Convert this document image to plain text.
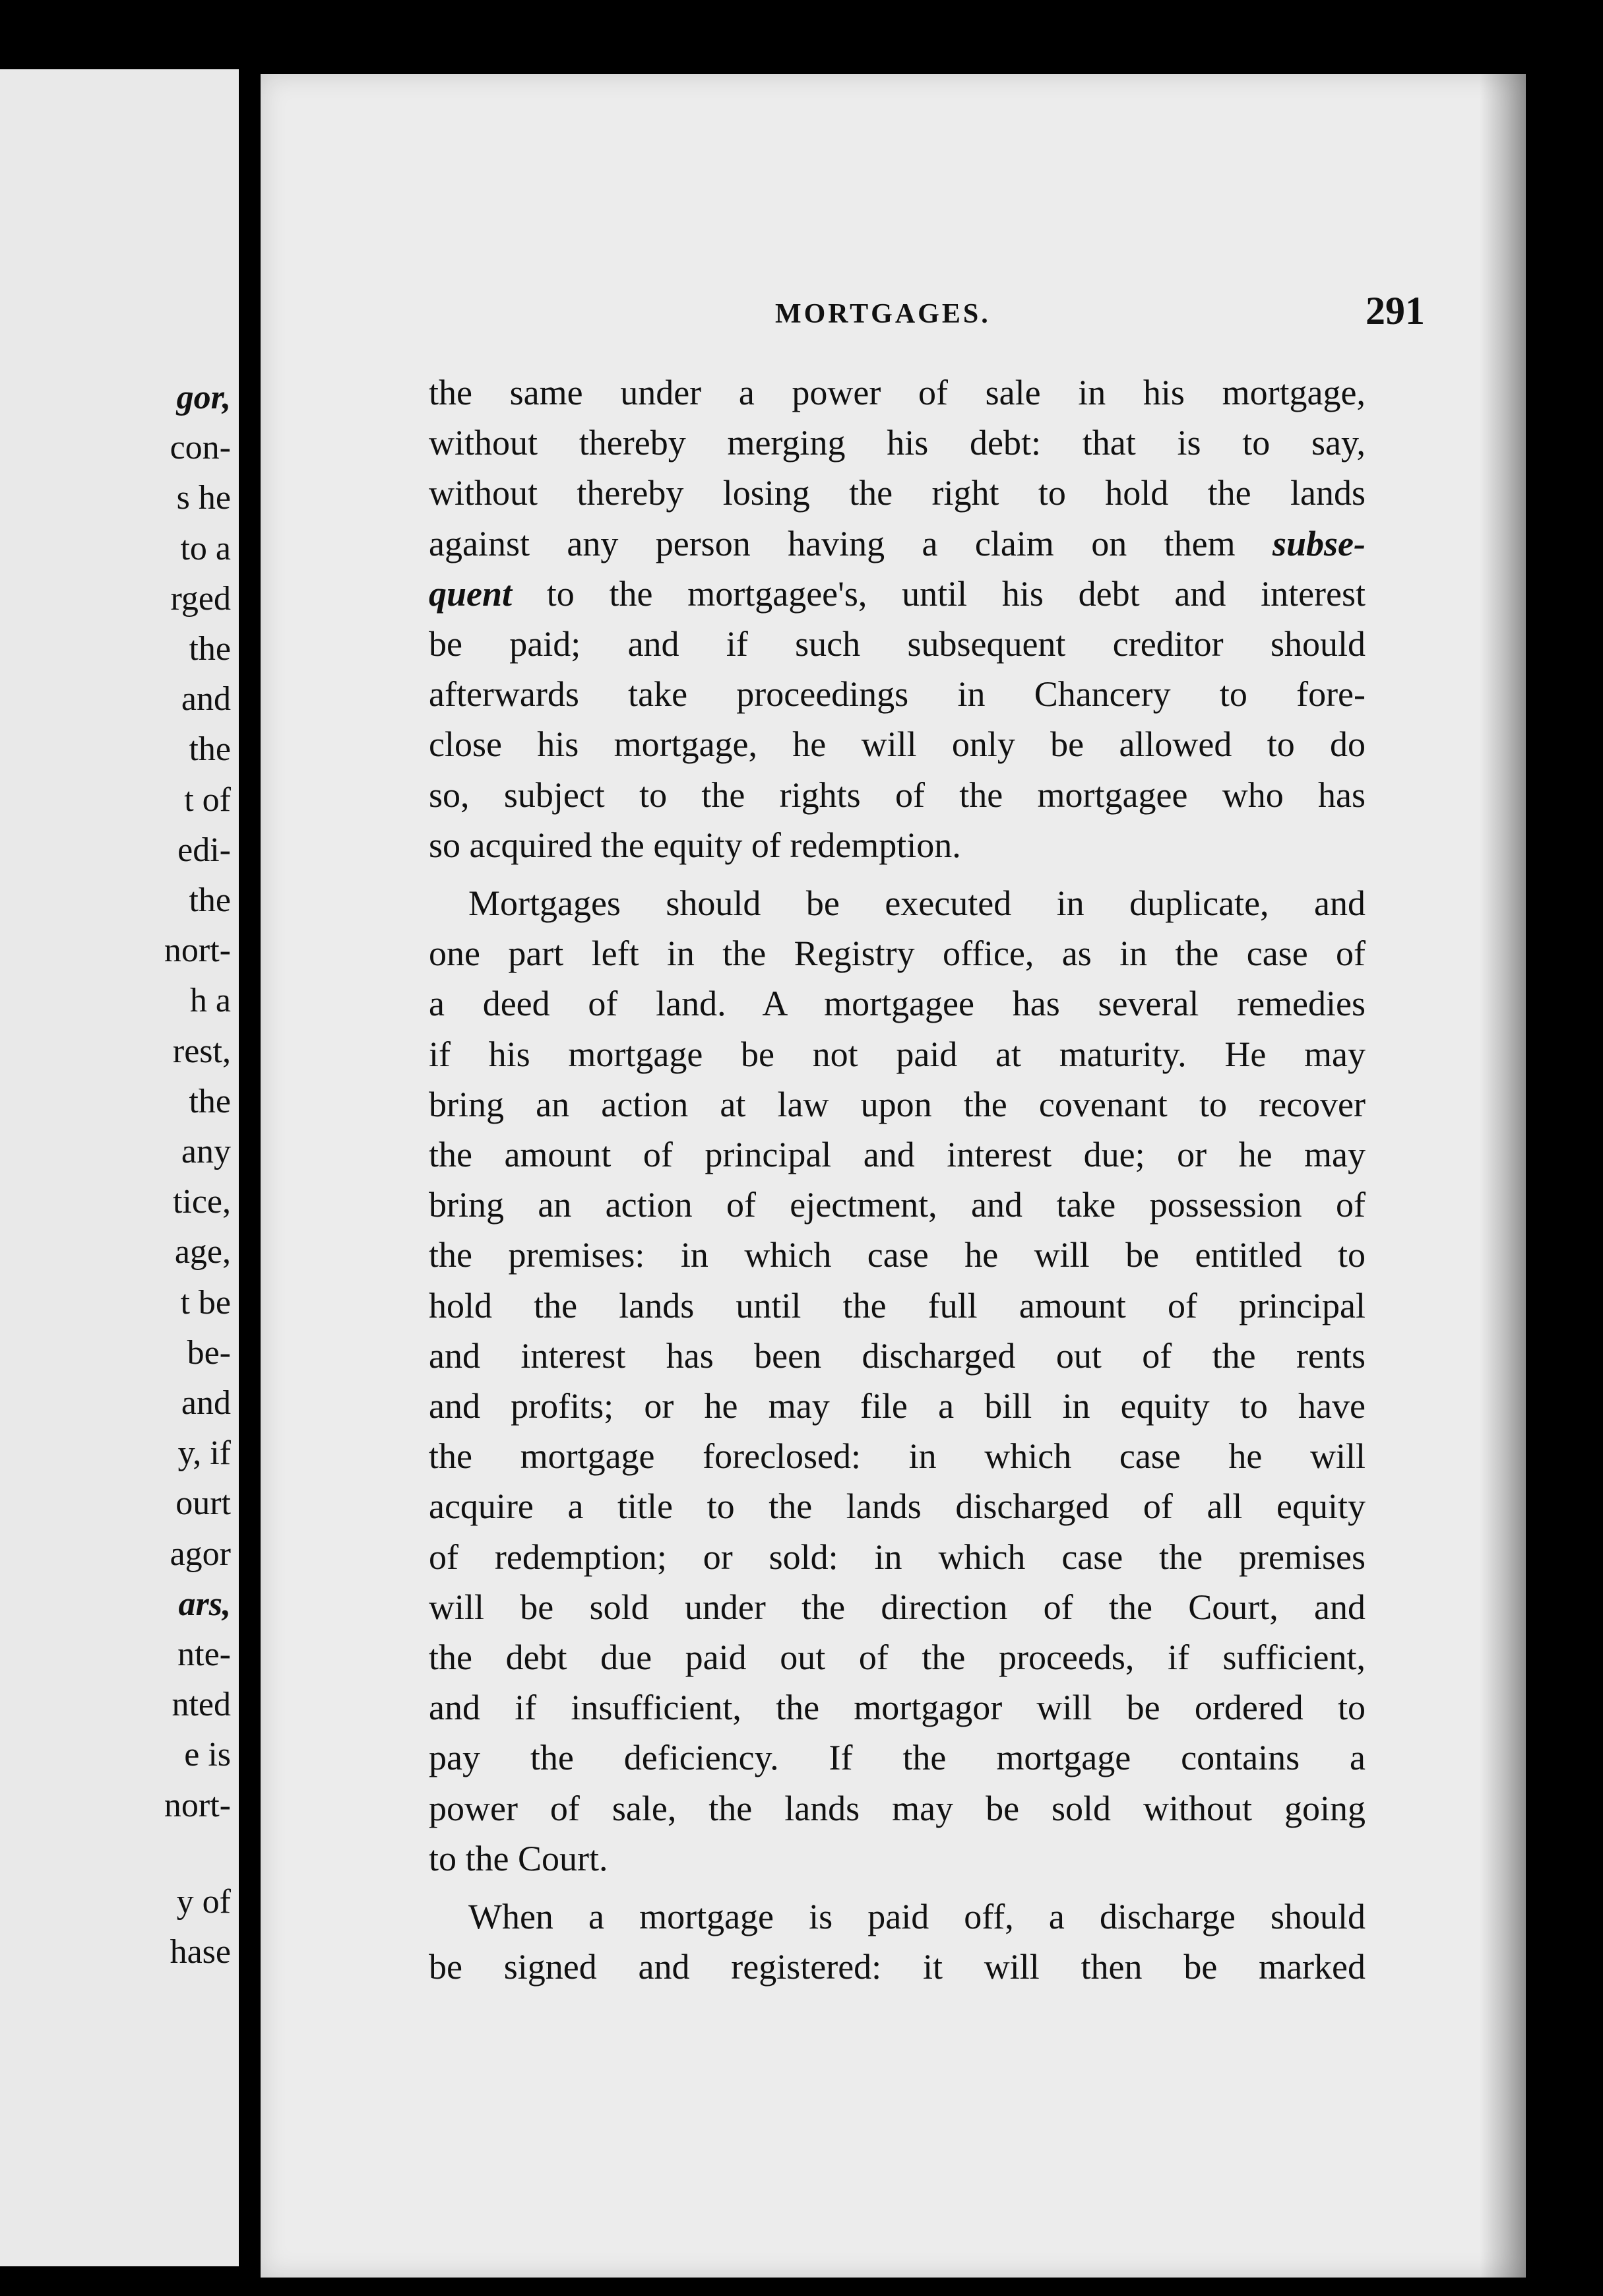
gor,
con-
s he
to a
rged
the
and
the
t of
edi-
the
nort-
h a
rest,
the
any
tice,
age,
t be
be-
and
y, if
ourt
agor
ars,
nte-
nted
e is
nort-
y of
hase
MORTGAGES.	291
the same under a power of sale in his mortgage,
without thereby merging his debt: that is to say,
without thereby losing the right to hold the lands
against any person having a claim on them subse-
quent to the mortgagee's, until his debt and interest
be paid; and if such subsequent creditor should
afterwards take proceedings in Chancery to fore-
close his mortgage, he will only be allowed to do
so, subject to the rights of the mortgagee who has
so acquired the equity of redemption.
Mortgages should be executed in duplicate, and
one part left in the Registry office, as in the case of
a deed of land. A mortgagee has several remedies
if his mortgage be not paid at maturity. He may
bring an action at law upon the covenant to recover
the amount of principal and interest due; or he may
bring an action of ejectment, and take possession of
the premises: in which case he will be entitled to
hold the lands until the full amount of principal
and interest has been discharged out of the rents
and profits; or he may file a bill in equity to have
the mortgage foreclosed: in which case he will
acquire a title to the lands discharged of all equity
of redemption; or sold: in which case the premises
will be sold under the direction of the Court, and
the debt due paid out of the proceeds, if sufficient,
and if insufficient, the mortgagor will be ordered to
pay the deficiency. If the mortgage contains a
power of sale, the lands may be sold without going
to the Court.
When a mortgage is paid off, a discharge should
be signed and registered: it will then be marked
